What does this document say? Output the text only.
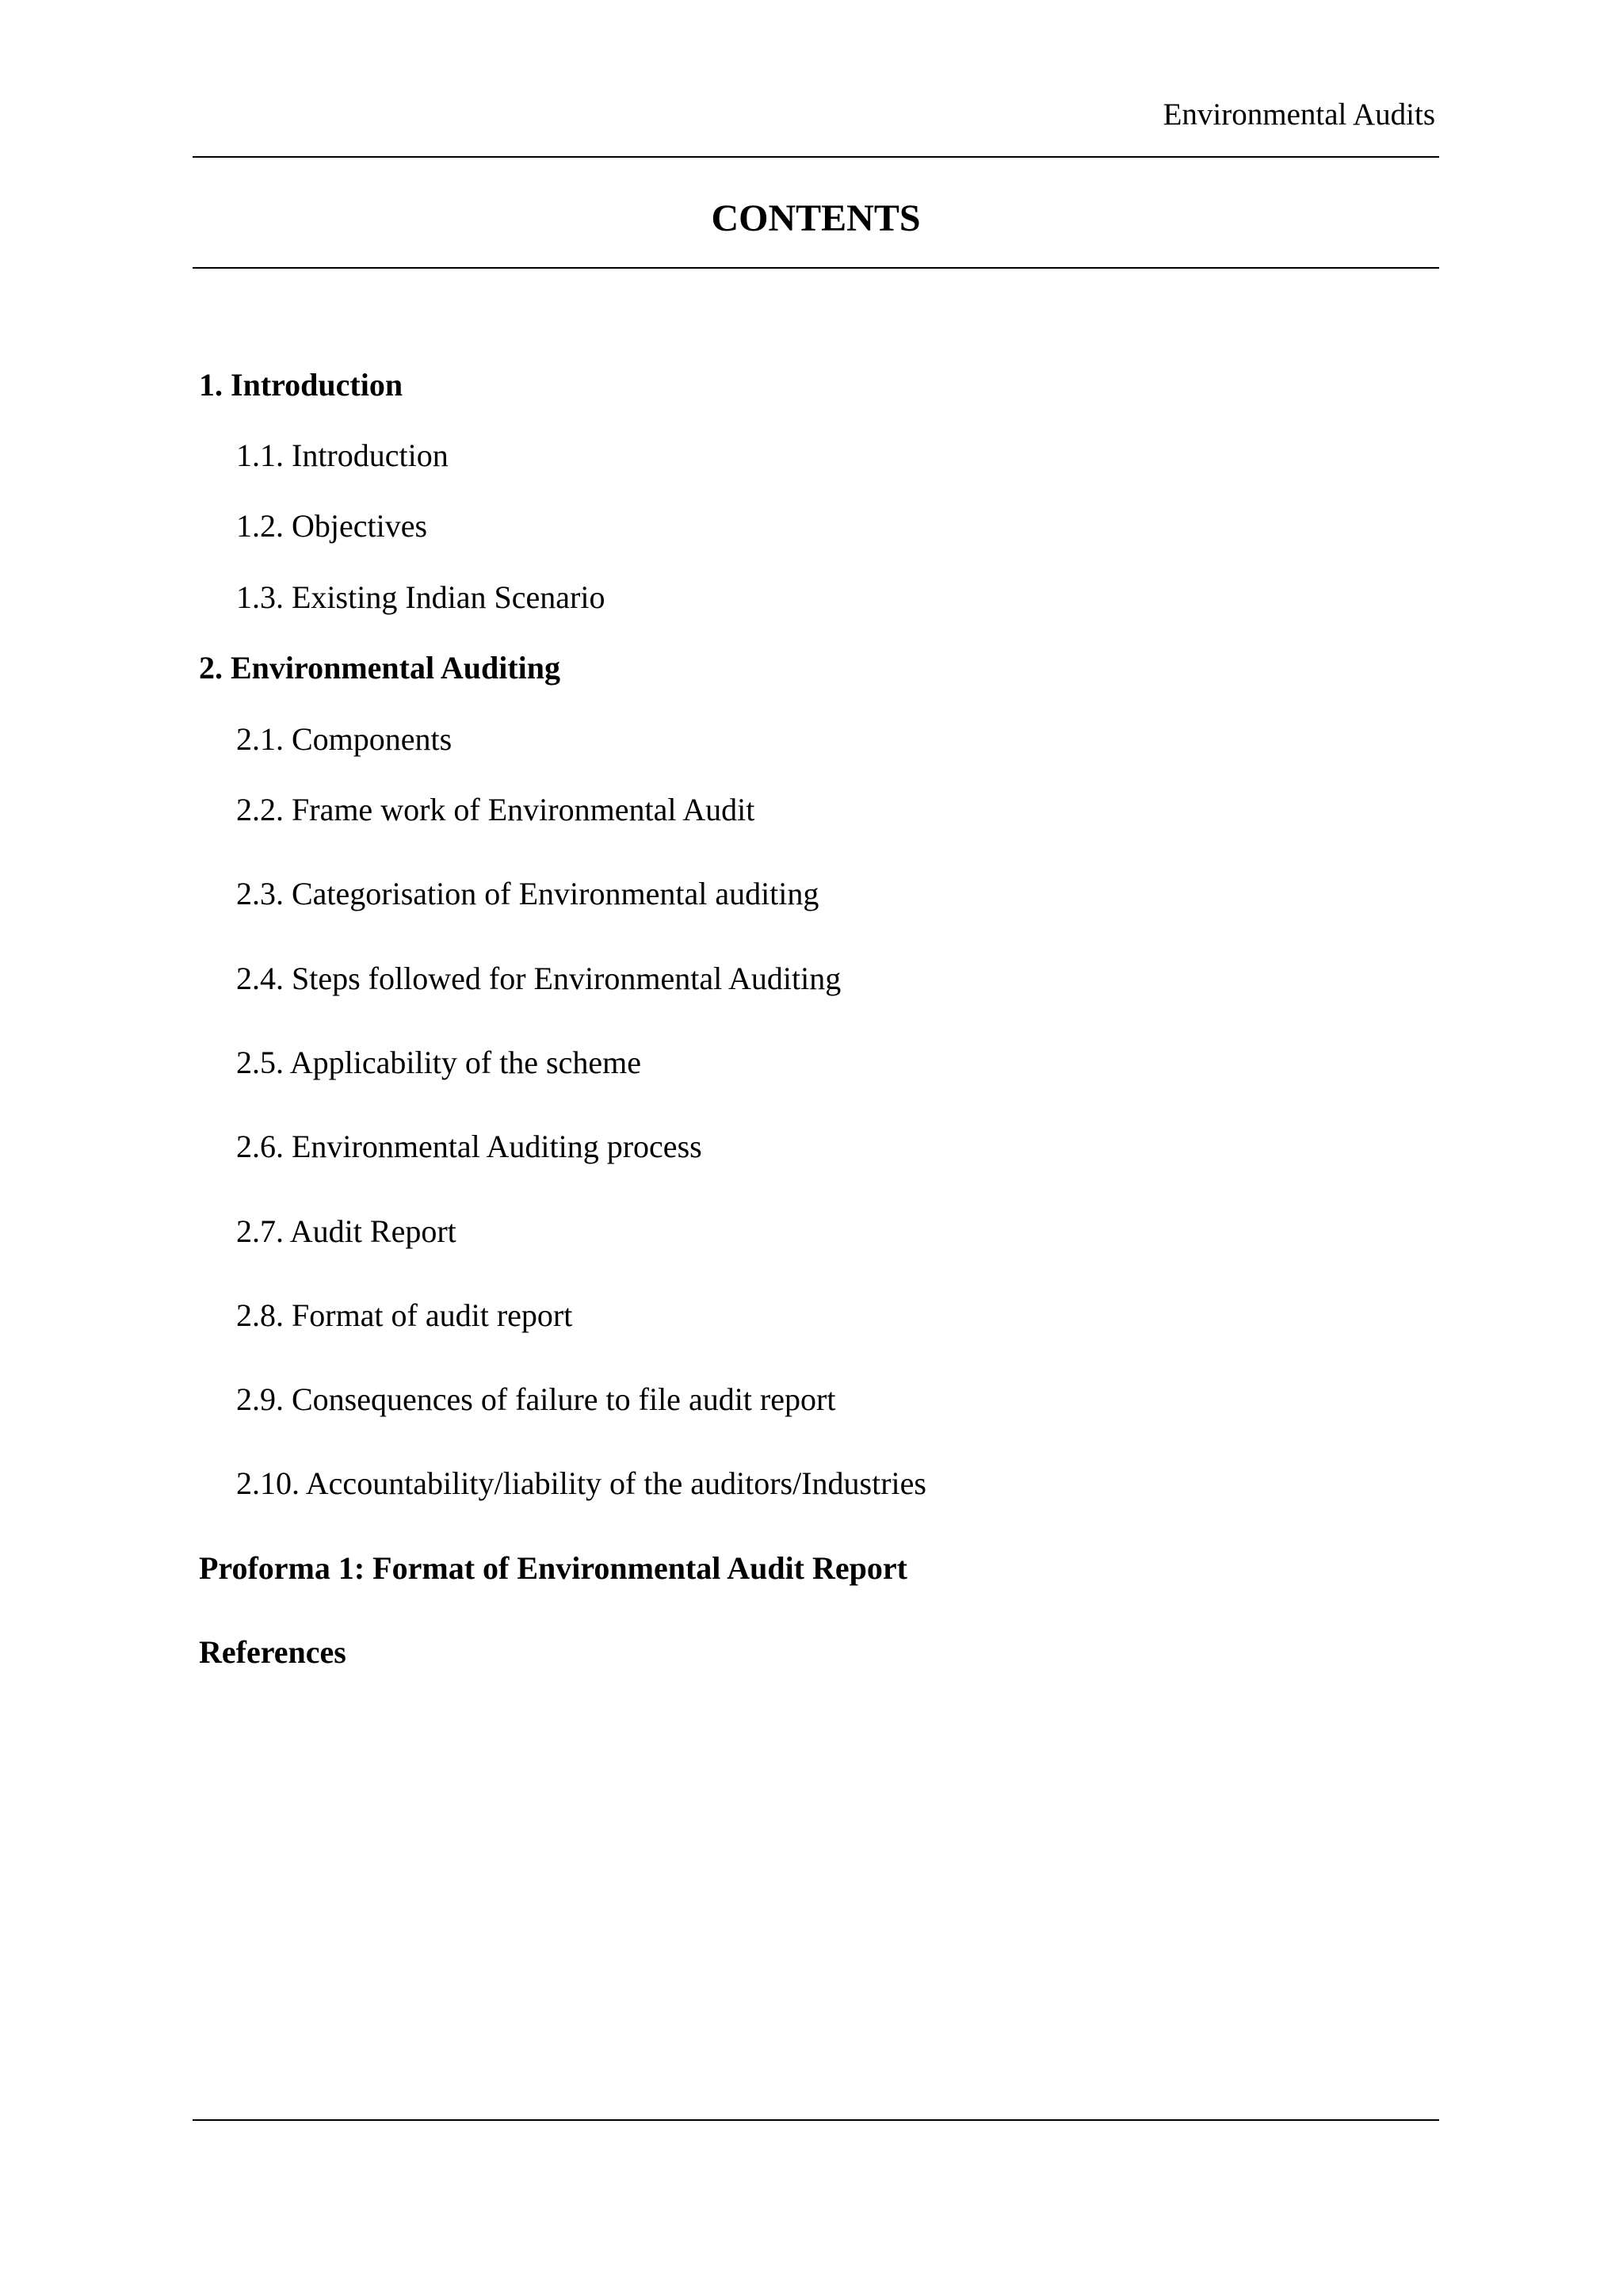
Environmental Audits
CONTENTS
1. Introduction
1.1. Introduction
1.2. Objectives
1.3. Existing Indian Scenario
2. Environmental Auditing
2.1. Components
2.2. Frame work of Environmental Audit
2.3. Categorisation of Environmental auditing
2.4. Steps followed for Environmental Auditing
2.5. Applicability of the scheme
2.6. Environmental Auditing process
2.7. Audit Report
2.8. Format of audit report
2.9. Consequences of failure to file audit report
2.10. Accountability/liability of the auditors/Industries
Proforma 1: Format of Environmental Audit Report
References
